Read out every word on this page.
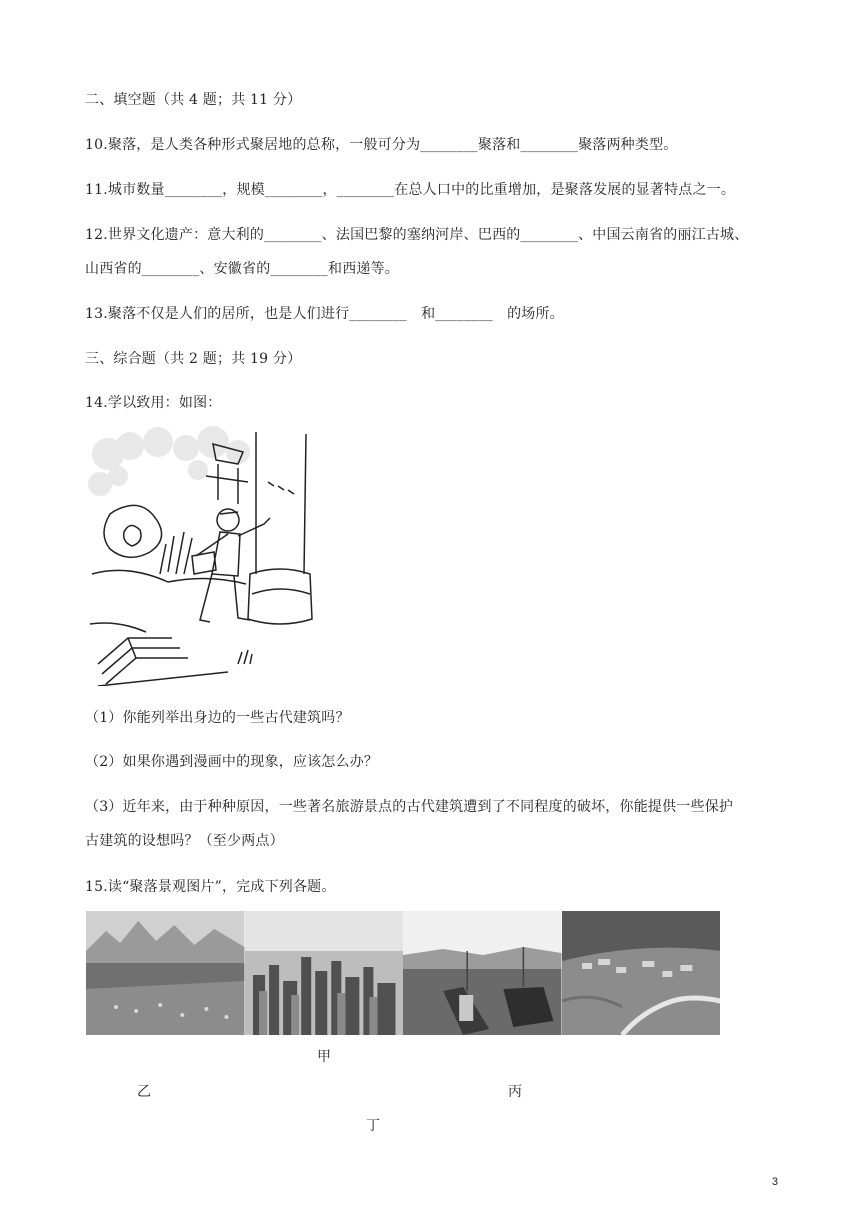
二、填空题（共 4 题；共 11 分）
10.聚落，是人类各种形式聚居地的总称，一般可分为________聚落和________聚落两种类型。
11.城市数量________，规模________，________在总人口中的比重增加，是聚落发展的显著特点之一。
12.世界文化遗产：意大利的________、法国巴黎的塞纳河岸、巴西的________、中国云南省的丽江古城、
山西省的________、安徽省的________和西递等。
13.聚落不仅是人们的居所，也是人们进行________　和________　的场所。
三、综合题（共 2 题；共 19 分）
14.学以致用：如图：
（1）你能列举出身边的一些古代建筑吗？
（2）如果你遇到漫画中的现象，应该怎么办？
（3）近年来，由于种种原因，一些著名旅游景点的古代建筑遭到了不同程度的破坏，你能提供一些保护
古建筑的设想吗？（至少两点）
15.读“聚落景观图片”，完成下列各题。
甲
乙	丙
丁
3
